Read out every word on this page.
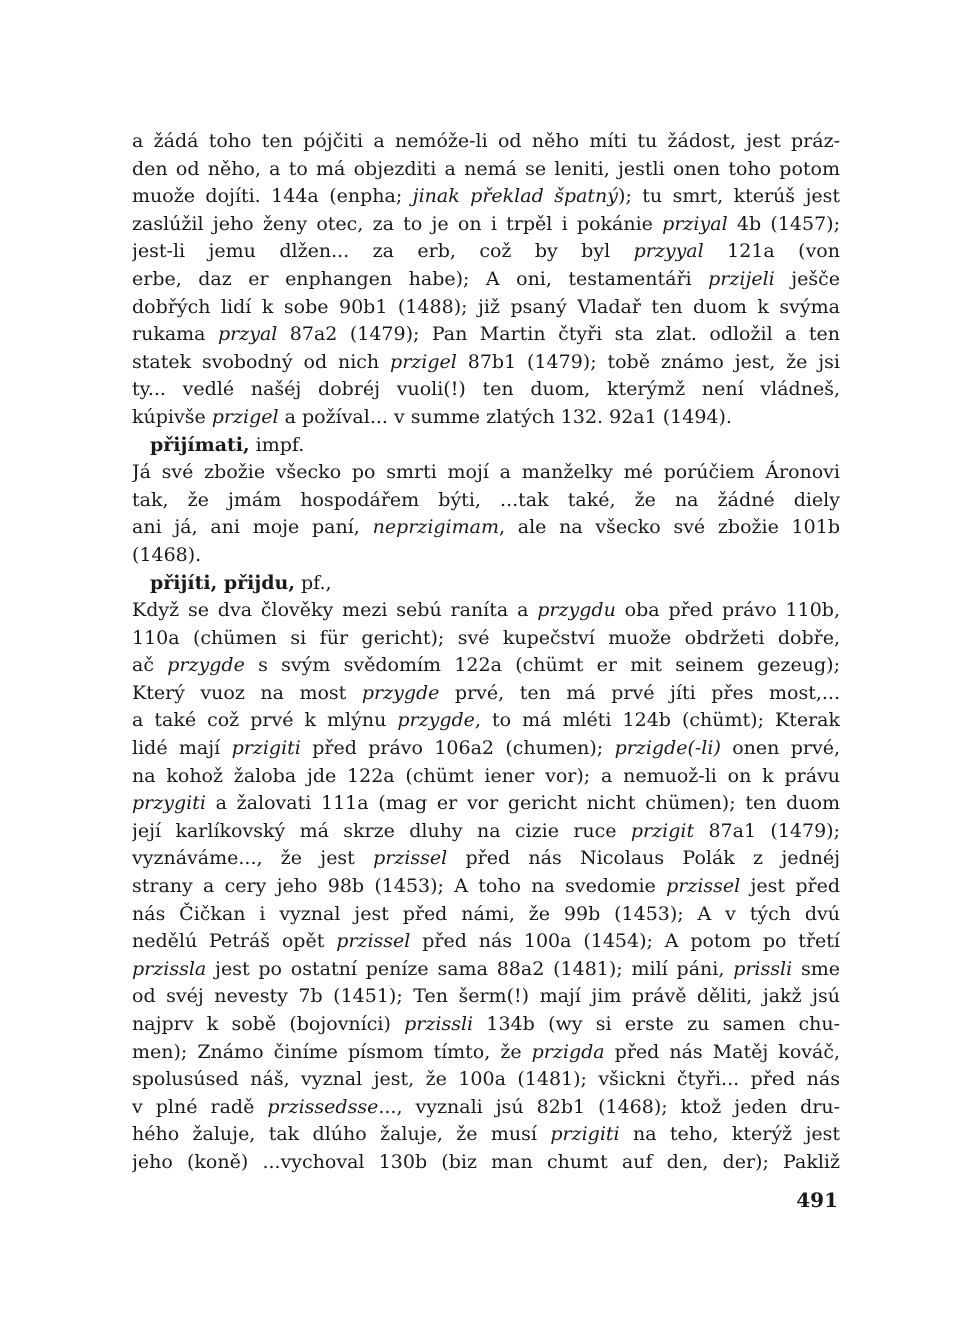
a žádá toho ten pójčiti a nemóže-li od něho míti tu žádost, jest práz-
den od něho, a to má objezditi a nemá se leniti, jestli onen toho potom
muože dojíti. 144a (enpha; jinak překlad špatný); tu smrt, kterúš jest
zaslúžil jeho ženy otec, za to je on i trpěl i pokánie prziyal 4b (1457);
jest-li jemu dlžen... za erb, což by byl przyyal 121a (von
erbe, daz er enphangen habe); A oni, testamentáři przijeli ješče
dobřých lidí k sobe 90b1 (1488); již psaný Vladař ten duom k svýma
rukama przyal 87a2 (1479); Pan Martin čtyři sta zlat. odložil a ten
statek svobodný od nich przigel 87b1 (1479); tobě známo jest, že jsi
ty... vedlé našéj dobréj vuoli(!) ten duom, kterýmž není vládneš,
kúpivše przigel a požíval... v summe zlatých 132. 92a1 (1494).
přijímati, impf.
Já své zbožie všecko po smrti mojí a manželky mé porúčiem Áronovi
tak, že jmám hospodářem býti, ...tak také, že na žádné diely
ani já, ani moje paní, neprzigimam, ale na všecko své zbožie 101b
(1468).
přijíti, přijdu, pf.,
Když se dva člověky mezi sebú raníta a przygdu oba před právo 110b,
110a (chümen si für gericht); své kupečství muože obdržeti dobře,
ač przygde s svým svědomím 122a (chümt er mit seinem gezeug);
Který vuoz na most przygde prvé, ten má prvé jíti přes most,...
a také což prvé k mlýnu przygde, to má mléti 124b (chümt); Kterak
lidé mají przigiti před právo 106a2 (chumen); przigde(-li) onen prvé,
na kohož žaloba jde 122a (chümt iener vor); a nemuož-li on k právu
przygiti a žalovati 111a (mag er vor gericht nicht chümen); ten duom
její karlíkovský má skrze dluhy na cizie ruce przigit 87a1 (1479);
vyznáváme..., že jest przissel před nás Nicolaus Polák z jednéj
strany a cery jeho 98b (1453); A toho na svedomie przissel jest před
nás Čičkan i vyznal jest před námi, že 99b (1453); A v tých dvú
nedělú Petráš opět przissel před nás 100a (1454); A potom po třetí
przissla jest po ostatní peníze sama 88a2 (1481); milí páni, prissli sme
od svéj nevesty 7b (1451); Ten šerm(!) mají jim právě děliti, jakž jsú
najprv k sobě (bojovníci) przissli 134b (wy si erste zu samen chu-
men); Známo činíme písmom tímto, že przigda před nás Matěj kováč,
spolusúsed náš, vyznal jest, že 100a (1481); všickni čtyři... před nás
v plné radě przissedsse..., vyznali jsú 82b1 (1468); ktož jeden dru-
hého žaluje, tak dlúho žaluje, že musí przigiti na teho, kterýž jest
jeho (koně) ...vychoval 130b (biz man chumt auf den, der); Pakliž
491
